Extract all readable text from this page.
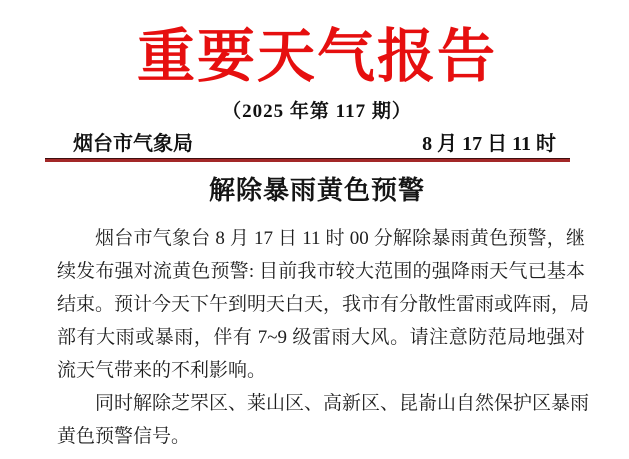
重要天气报告
（2025 年第 117 期）
烟台市气象局	8 月 17 日 11 时
解除暴雨黄色预警
烟台市气象台 8 月 17 日 11 时 00 分解除暴雨黄色预警，继
续发布强对流黄色预警: 目前我市较大范围的强降雨天气已基本
结束。预计今天下午到明天白天，我市有分散性雷雨或阵雨，局
部有大雨或暴雨，伴有 7~9 级雷雨大风。请注意防范局地强对
流天气带来的不利影响。
同时解除芝罘区、莱山区、高新区、昆嵛山自然保护区暴雨
黄色预警信号。
